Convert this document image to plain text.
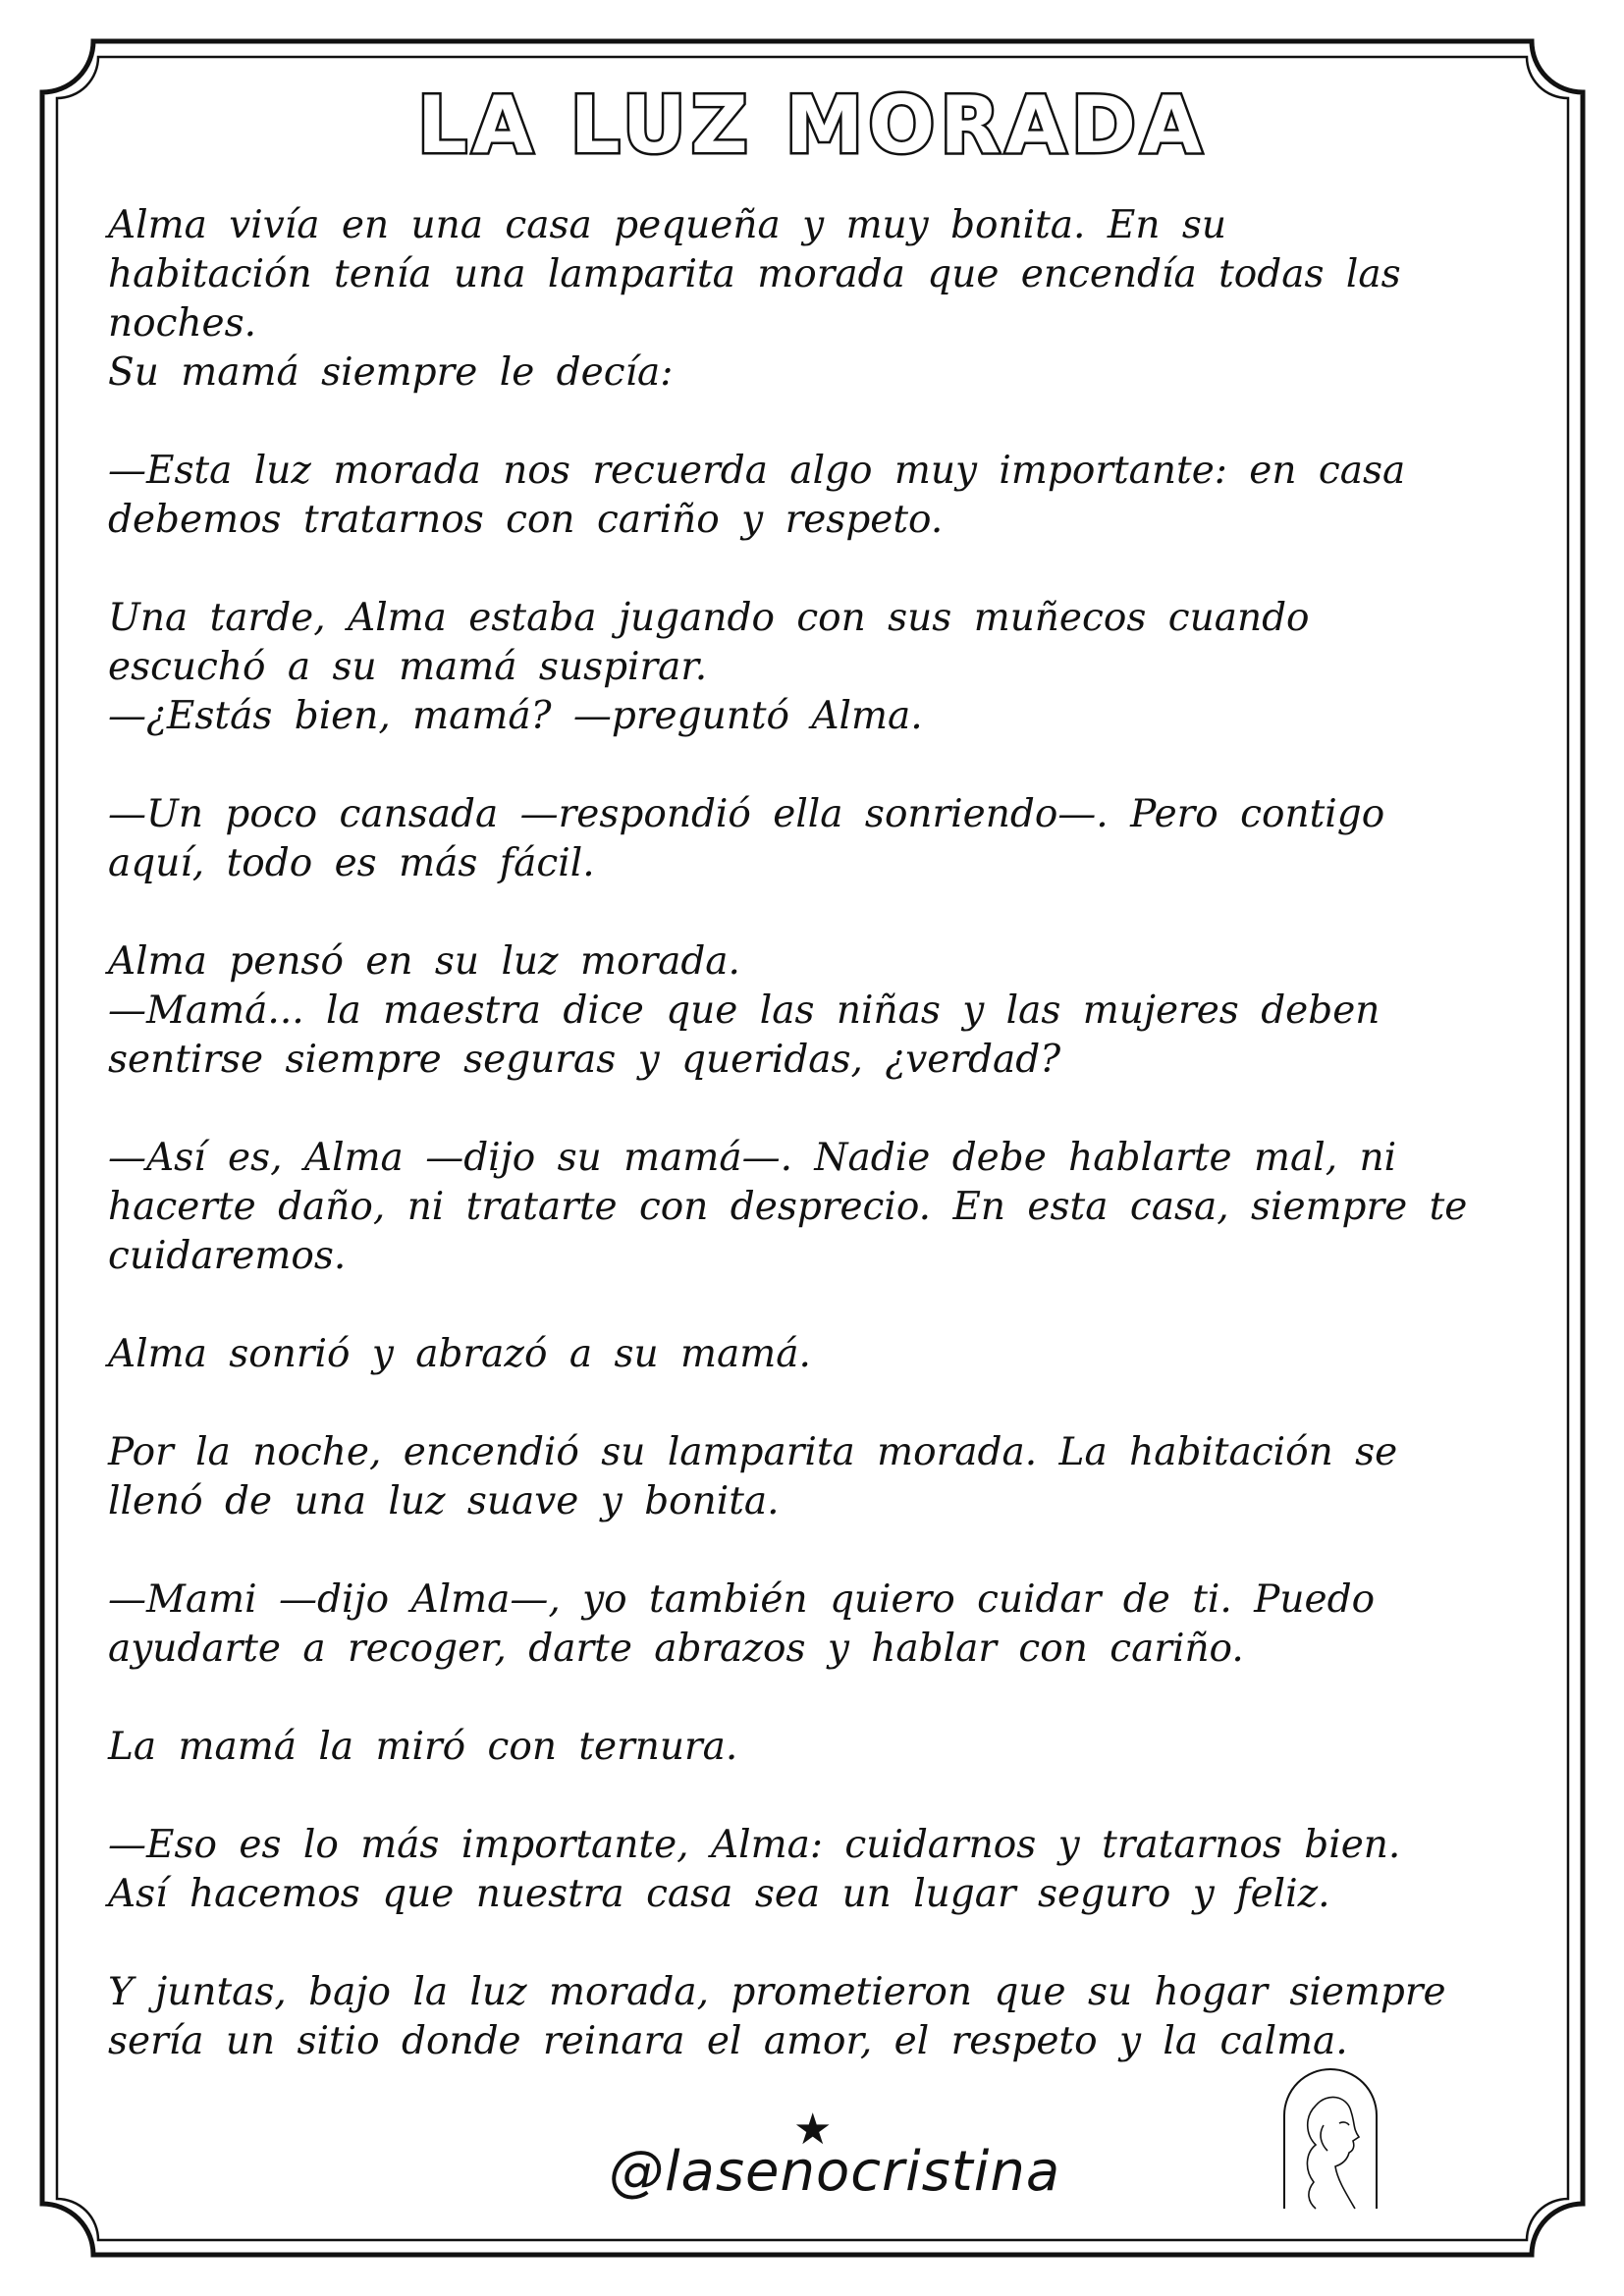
LA LUZ MORADA

Alma vivía en una casa pequeña y muy bonita. En su
habitación tenía una lamparita morada que encendía todas las
noches.
Su mamá siempre le decía:

—Esta luz morada nos recuerda algo muy importante: en casa
debemos tratarnos con cariño y respeto.

Una tarde, Alma estaba jugando con sus muñecos cuando
escuchó a su mamá suspirar.
—¿Estás bien, mamá? —preguntó Alma.

—Un poco cansada —respondió ella sonriendo—. Pero contigo
aquí, todo es más fácil.

Alma pensó en su luz morada.
—Mamá... la maestra dice que las niñas y las mujeres deben
sentirse siempre seguras y queridas, ¿verdad?

—Así es, Alma —dijo su mamá—. Nadie debe hablarte mal, ni
hacerte daño, ni tratarte con desprecio. En esta casa, siempre te
cuidaremos.

Alma sonrió y abrazó a su mamá.

Por la noche, encendió su lamparita morada. La habitación se
llenó de una luz suave y bonita.

—Mami —dijo Alma—, yo también quiero cuidar de ti. Puedo
ayudarte a recoger, darte abrazos y hablar con cariño.

La mamá la miró con ternura.

—Eso es lo más importante, Alma: cuidarnos y tratarnos bien.
Así hacemos que nuestra casa sea un lugar seguro y feliz.

Y juntas, bajo la luz morada, prometieron que su hogar siempre
sería un sitio donde reinara el amor, el respeto y la calma.

★
@lasenocristina
